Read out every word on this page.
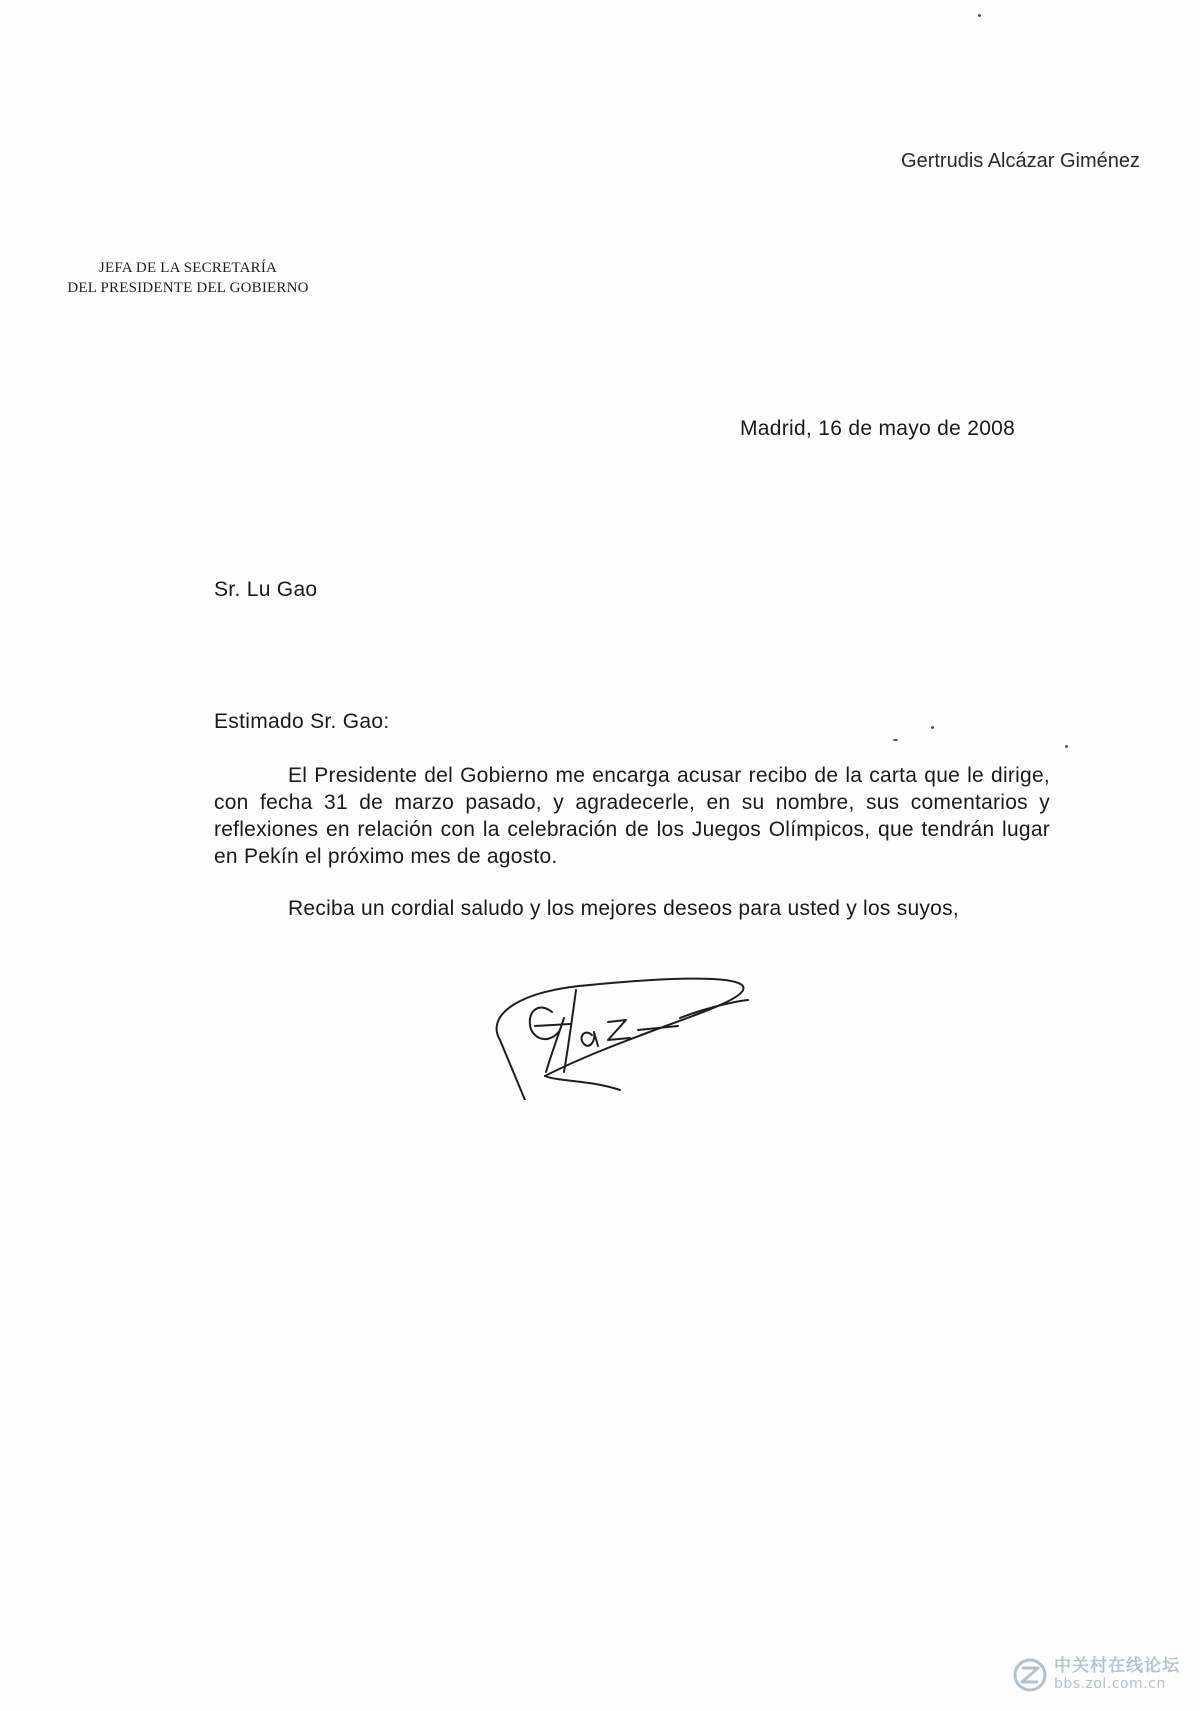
Gertrudis Alcázar Giménez
JEFA DE LA SECRETARÍA
DEL PRESIDENTE DEL GOBIERNO
Madrid, 16 de mayo de 2008
Sr. Lu Gao
Estimado Sr. Gao:

El Presidente del Gobierno me encarga acusar recibo de la carta que le dirige, con fecha 31 de marzo pasado, y agradecerle, en su nombre, sus comentarios y reflexiones en relación con la celebración de los Juegos Olímpicos, que tendrán lugar en Pekín el próximo mes de agosto.

Reciba un cordial saludo y los mejores deseos para usted y los suyos,

中关村在线论坛
bbs.zol.com.cn
